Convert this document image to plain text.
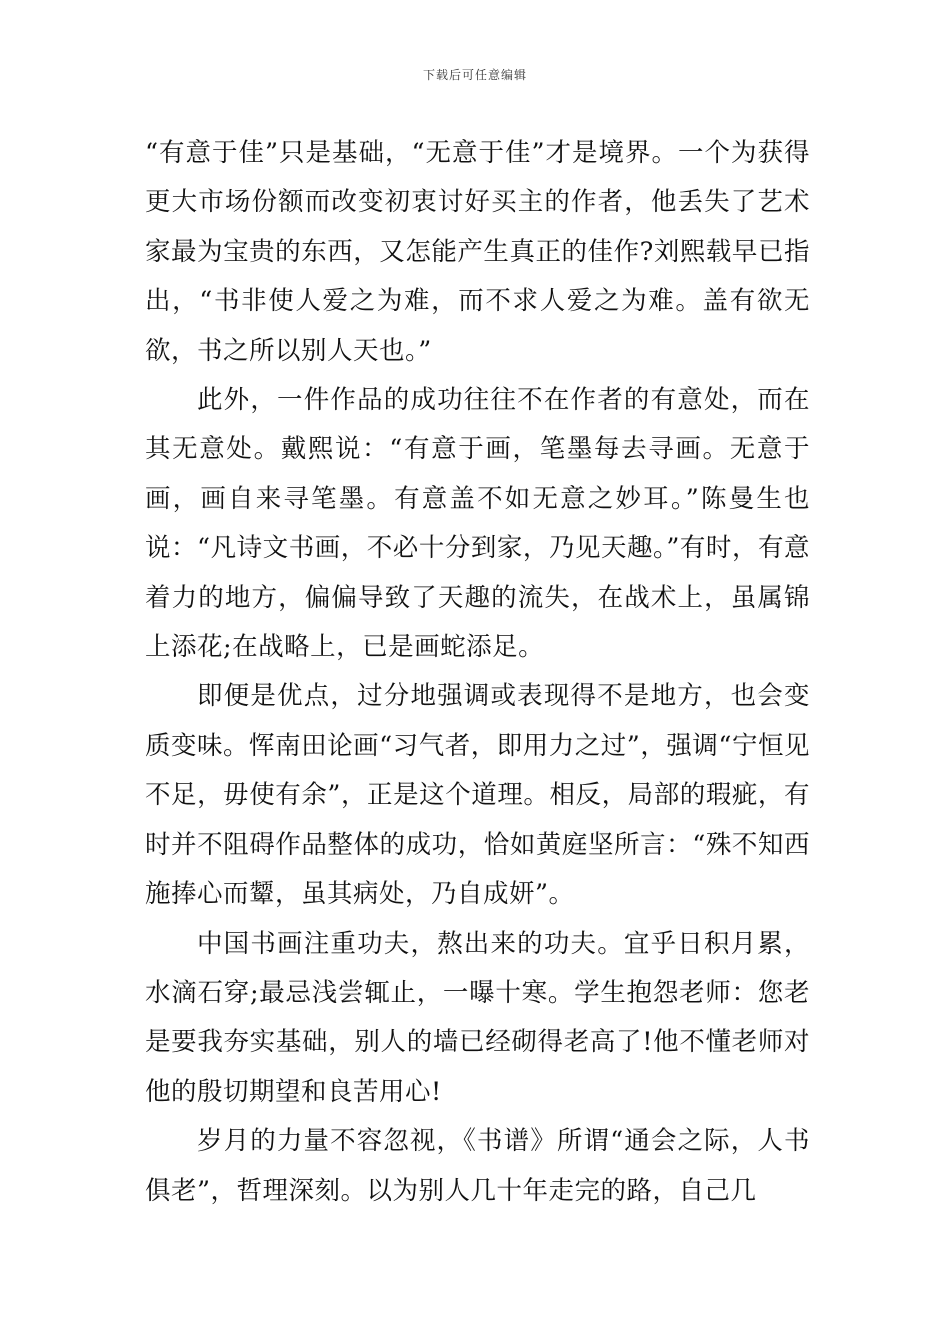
下载后可任意编辑

“有意于佳”只是基础，“无意于佳”才是境界。一个为获得更大市场份额而改变初衷讨好买主的作者，他丢失了艺术家最为宝贵的东西，又怎能产生真正的佳作?刘熙载早已指出，“书非使人爱之为难，而不求人爱之为难。盖有欲无欲，书之所以别人天也。”

此外，一件作品的成功往往不在作者的有意处，而在其无意处。戴熙说：“有意于画，笔墨每去寻画。无意于画，画自来寻笔墨。有意盖不如无意之妙耳。”陈曼生也说：“凡诗文书画，不必十分到家，乃见天趣。”有时，有意着力的地方，偏偏导致了天趣的流失，在战术上，虽属锦上添花;在战略上，已是画蛇添足。

即便是优点，过分地强调或表现得不是地方，也会变质变味。恽南田论画“习气者，即用力之过”，强调“宁恒见不足，毋使有余”，正是这个道理。相反，局部的瑕疵，有时并不阻碍作品整体的成功，恰如黄庭坚所言：“殊不知西施捧心而颦，虽其病处，乃自成妍”。

中国书画注重功夫，熬出来的功夫。宜乎日积月累，水滴石穿;最忌浅尝辄止，一曝十寒。学生抱怨老师：您老是要我夯实基础，别人的墙已经砌得老高了!他不懂老师对他的殷切期望和良苦用心!

岁月的力量不容忽视，《书谱》所谓“通会之际，人书俱老”，哲理深刻。以为别人几十年走完的路，自己几
